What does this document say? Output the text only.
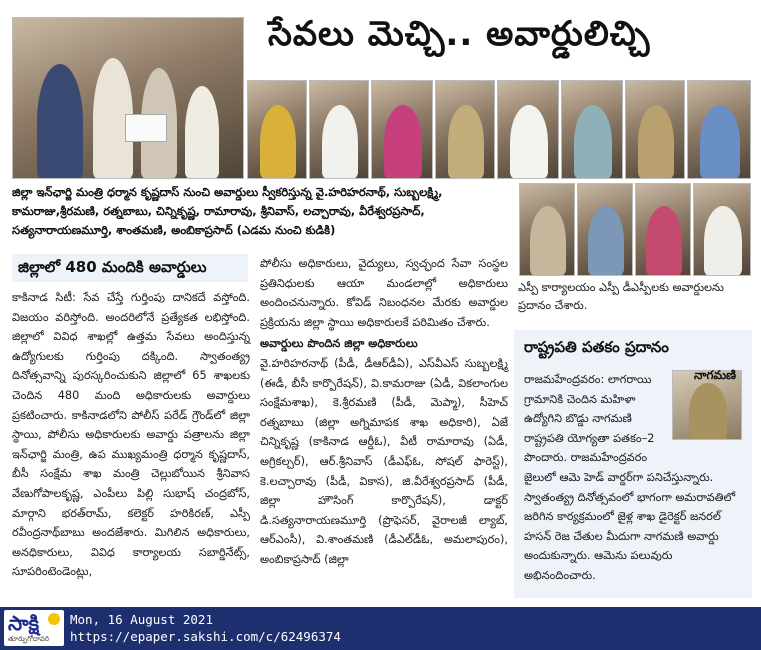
సేవలు మెచ్చి.. అవార్డులిచ్చి
జిల్లా ఇన్‌ఛార్జి మంత్రి ధర్మాన కృష్ణదాస్ నుంచి అవార్డులు స్వీకరిస్తున్న వై.హరిహరనాథ్, సుబ్బలక్ష్మి, కామరాజు,శ్రీరమణి, రత్నబాబు, చిన్నికృష్ణ, రామారావు, శ్రీనివాస్, లచ్చారావు, వీరేశ్వరప్రసాద్, సత్యనారాయణమూర్తి, శాంతమణి, అంబికాప్రసాద్ (ఎడమ నుంచి కుడికి)
ఎస్పీ కార్యాలయం ఎస్పీ డీఎస్పీలకు అవార్డులను ప్రదానం చేశారు.
జిల్లాలో 480 మందికి అవార్డులు

కాకినాడ సిటీ: సేవ చేస్తే గుర్తింపు దానికదే వస్తోంది. విజయం వరిస్తోంది. అందరిలోనే ప్రత్యేకత లభిస్తోంది. జిల్లాలో వివిధ శాఖల్లో ఉత్తమ సేవలు అందిస్తున్న ఉద్యోగులకు గుర్తింపు దక్కింది. స్వాతంత్య్ర దినోత్సవాన్ని పురస్కరించుకుని జిల్లాలో 65 శాఖలకు చెందిన 480 మంది అధికారులకు అవార్డులు ప్రకటించారు. కాకినాడలోని పోలీస్ పరేడ్ గ్రౌండ్‌లో జిల్లా స్థాయి, పోలీసు అధికారులకు అవార్డు పత్రాలను జిల్లా ఇన్‌ఛార్జి మంత్రి, ఉప ముఖ్యమంత్రి ధర్మాన కృష్ణదాస్, బీసీ సంక్షేమ శాఖ మంత్రి చెల్లుబోయిన శ్రీనివాస వేణుగోపాలకృష్ణ, ఎంపీలు పిల్లి సుభాష్ చంద్రబోస్, మార్గాని భరత్‌రామ్, కలెక్టర్ హరికిరణ్, ఎస్పీ రవీంద్రనాథ్‌బాబు అందజేశారు. మిగిలిన అధికారులు, అనధికారులు, వివిధ కార్యాలయ సబార్డినేట్స్, సూపరింటెండెంట్లు,

పోలీసు అధికారులు, వైద్యులు, స్వచ్ఛంద సేవా సంస్థల ప్రతినిధులకు ఆయా మండలాల్లో అధికారులు అందించనున్నారు. కోవిడ్ నిబంధనల మేరకు అవార్డుల ప్రక్రియను జిల్లా స్థాయి అధికారులకే పరిమితం చేశారు.

అవార్డులు పొందిన జిల్లా అధికారులు

వై.హరిహరనాథ్ (పీడీ, డీఆర్‌డీఏ), ఎస్‌వీఎస్ సుబ్బలక్ష్మి (ఈడీ, బీసీ కార్పొరేషన్), వి.కామరాజు (ఏడీ, వికలాంగుల సంక్షేమశాఖ), కె.శ్రీరమణి (పీడీ, మెప్మా), సీహెచ్ రత్నబాబు (జిల్లా అగ్నిమాపక శాఖ అధికారి), ఏజే చిన్నికృష్ణ (కాకినాడ ఆర్డీఓ), వీటీ రామారావు (ఏడీ, అగ్రికల్చర్), ఆర్.శ్రీనివాస్ (డీఎఫ్ఓ, సోషల్ ఫారెస్ట్), కె.లచ్చారావు (పీడీ, వికాస), జి.వీరేశ్వరప్రసాద్ (పీడీ, జిల్లా హౌసింగ్ కార్పొరేషన్), డాక్టర్ డి.సత్యనారాయణమూర్తి (ప్రొఫెసర్, వైరాలజీ ల్యాబ్, ఆర్ఎంసీ), వి.శాంతమణి (డీఎల్‌డీఓ, అమలాపురం), అంబికాప్రసాద్ (జిల్లా

రాష్ట్రపతి పతకం ప్రదానం

రాజమహేంద్రవరం: లాగరాయి గ్రామానికి చెందిన మహిళా ఉద్యోగిని బొడ్డు నాగమణి రాష్ట్రపతి యోగ్యతా పతకం–2 పొందారు. రాజమహేంద్రవరం జైలులో ఆమె హెడ్ వార్డర్‌గా పనిచేస్తున్నారు. స్వాతంత్య్ర దినోత్సవంలో భాగంగా అమరావతిలో జరిగిన కార్యక్రమంలో జైళ్ల శాఖ డైరెక్టర్ జనరల్ హసన్ రెజ చేతుల మీదుగా నాగమణి అవార్డు అందుకున్నారు. ఆమెను పలువురు అభినందించారు.

నాగమణి
సాక్షి
తూర్పుగోదావరి
Mon, 16 August 2021
https://epaper.sakshi.com/c/62496374
